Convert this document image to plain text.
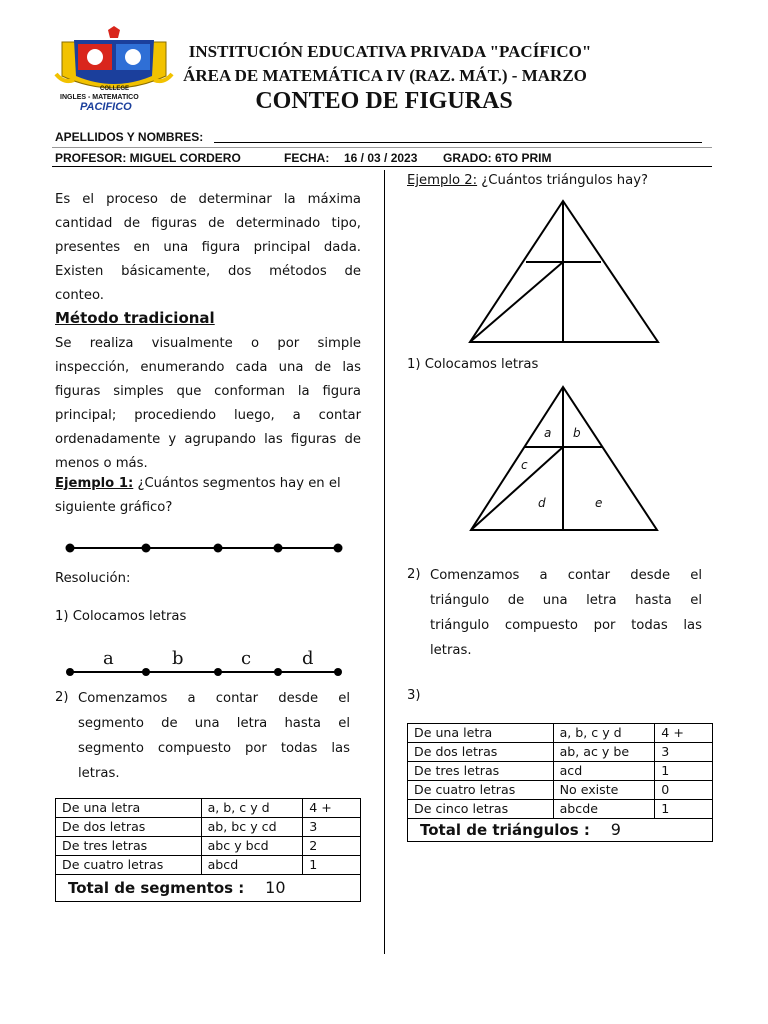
COLLEGE
INGLES - MATEMATICO
PACIFICO
INSTITUCIÓN EDUCATIVA PRIVADA "PACÍFICO"
ÁREA DE MATEMÁTICA IV (RAZ. MÁT.) - MARZO
CONTEO DE FIGURAS
APELLIDOS Y NOMBRES:
PROFESOR: MIGUEL CORDERO	FECHA: 16 / 03 / 2023 GRADO: 6TO PRIM
Es el proceso de determinar la máxima
cantidad de figuras de determinado tipo,
presentes en una figura principal dada.
Existen básicamente, dos métodos de
conteo.
Método tradicional
Se realiza visualmente o por simple
inspección, enumerando cada una de las
figuras simples que conforman la figura
principal; procediendo luego, a contar
ordenadamente y agrupando las figuras de
menos o más.
Ejemplo 1: ¿Cuántos segmentos hay en el
siguiente gráfico?
Resolución:
1) Colocamos letras
a	b	c	d
2) Comenzamos a contar desde el
segmento de una letra hasta el
segmento compuesto por todas las
letras.
De una letra	a, b, c y d	4 +
De dos letras	ab, bc y cd	3
De tres letras	abc y bcd	2
De cuatro letras	abcd	1
Total de segmentos : 10		
Ejemplo 2: ¿Cuántos triángulos hay?
1) Colocamos letras
a b
c
d	e
2) Comenzamos a contar desde el
triángulo de una letra hasta el
triángulo compuesto por todas las
letras.
3)
De una letra	a, b, c y d	4 +
De dos letras	ab, ac y be	3
De tres letras	acd	1
De cuatro letras	No existe	0
De cinco letras	abcde	1
Total de triángulos : 9		
